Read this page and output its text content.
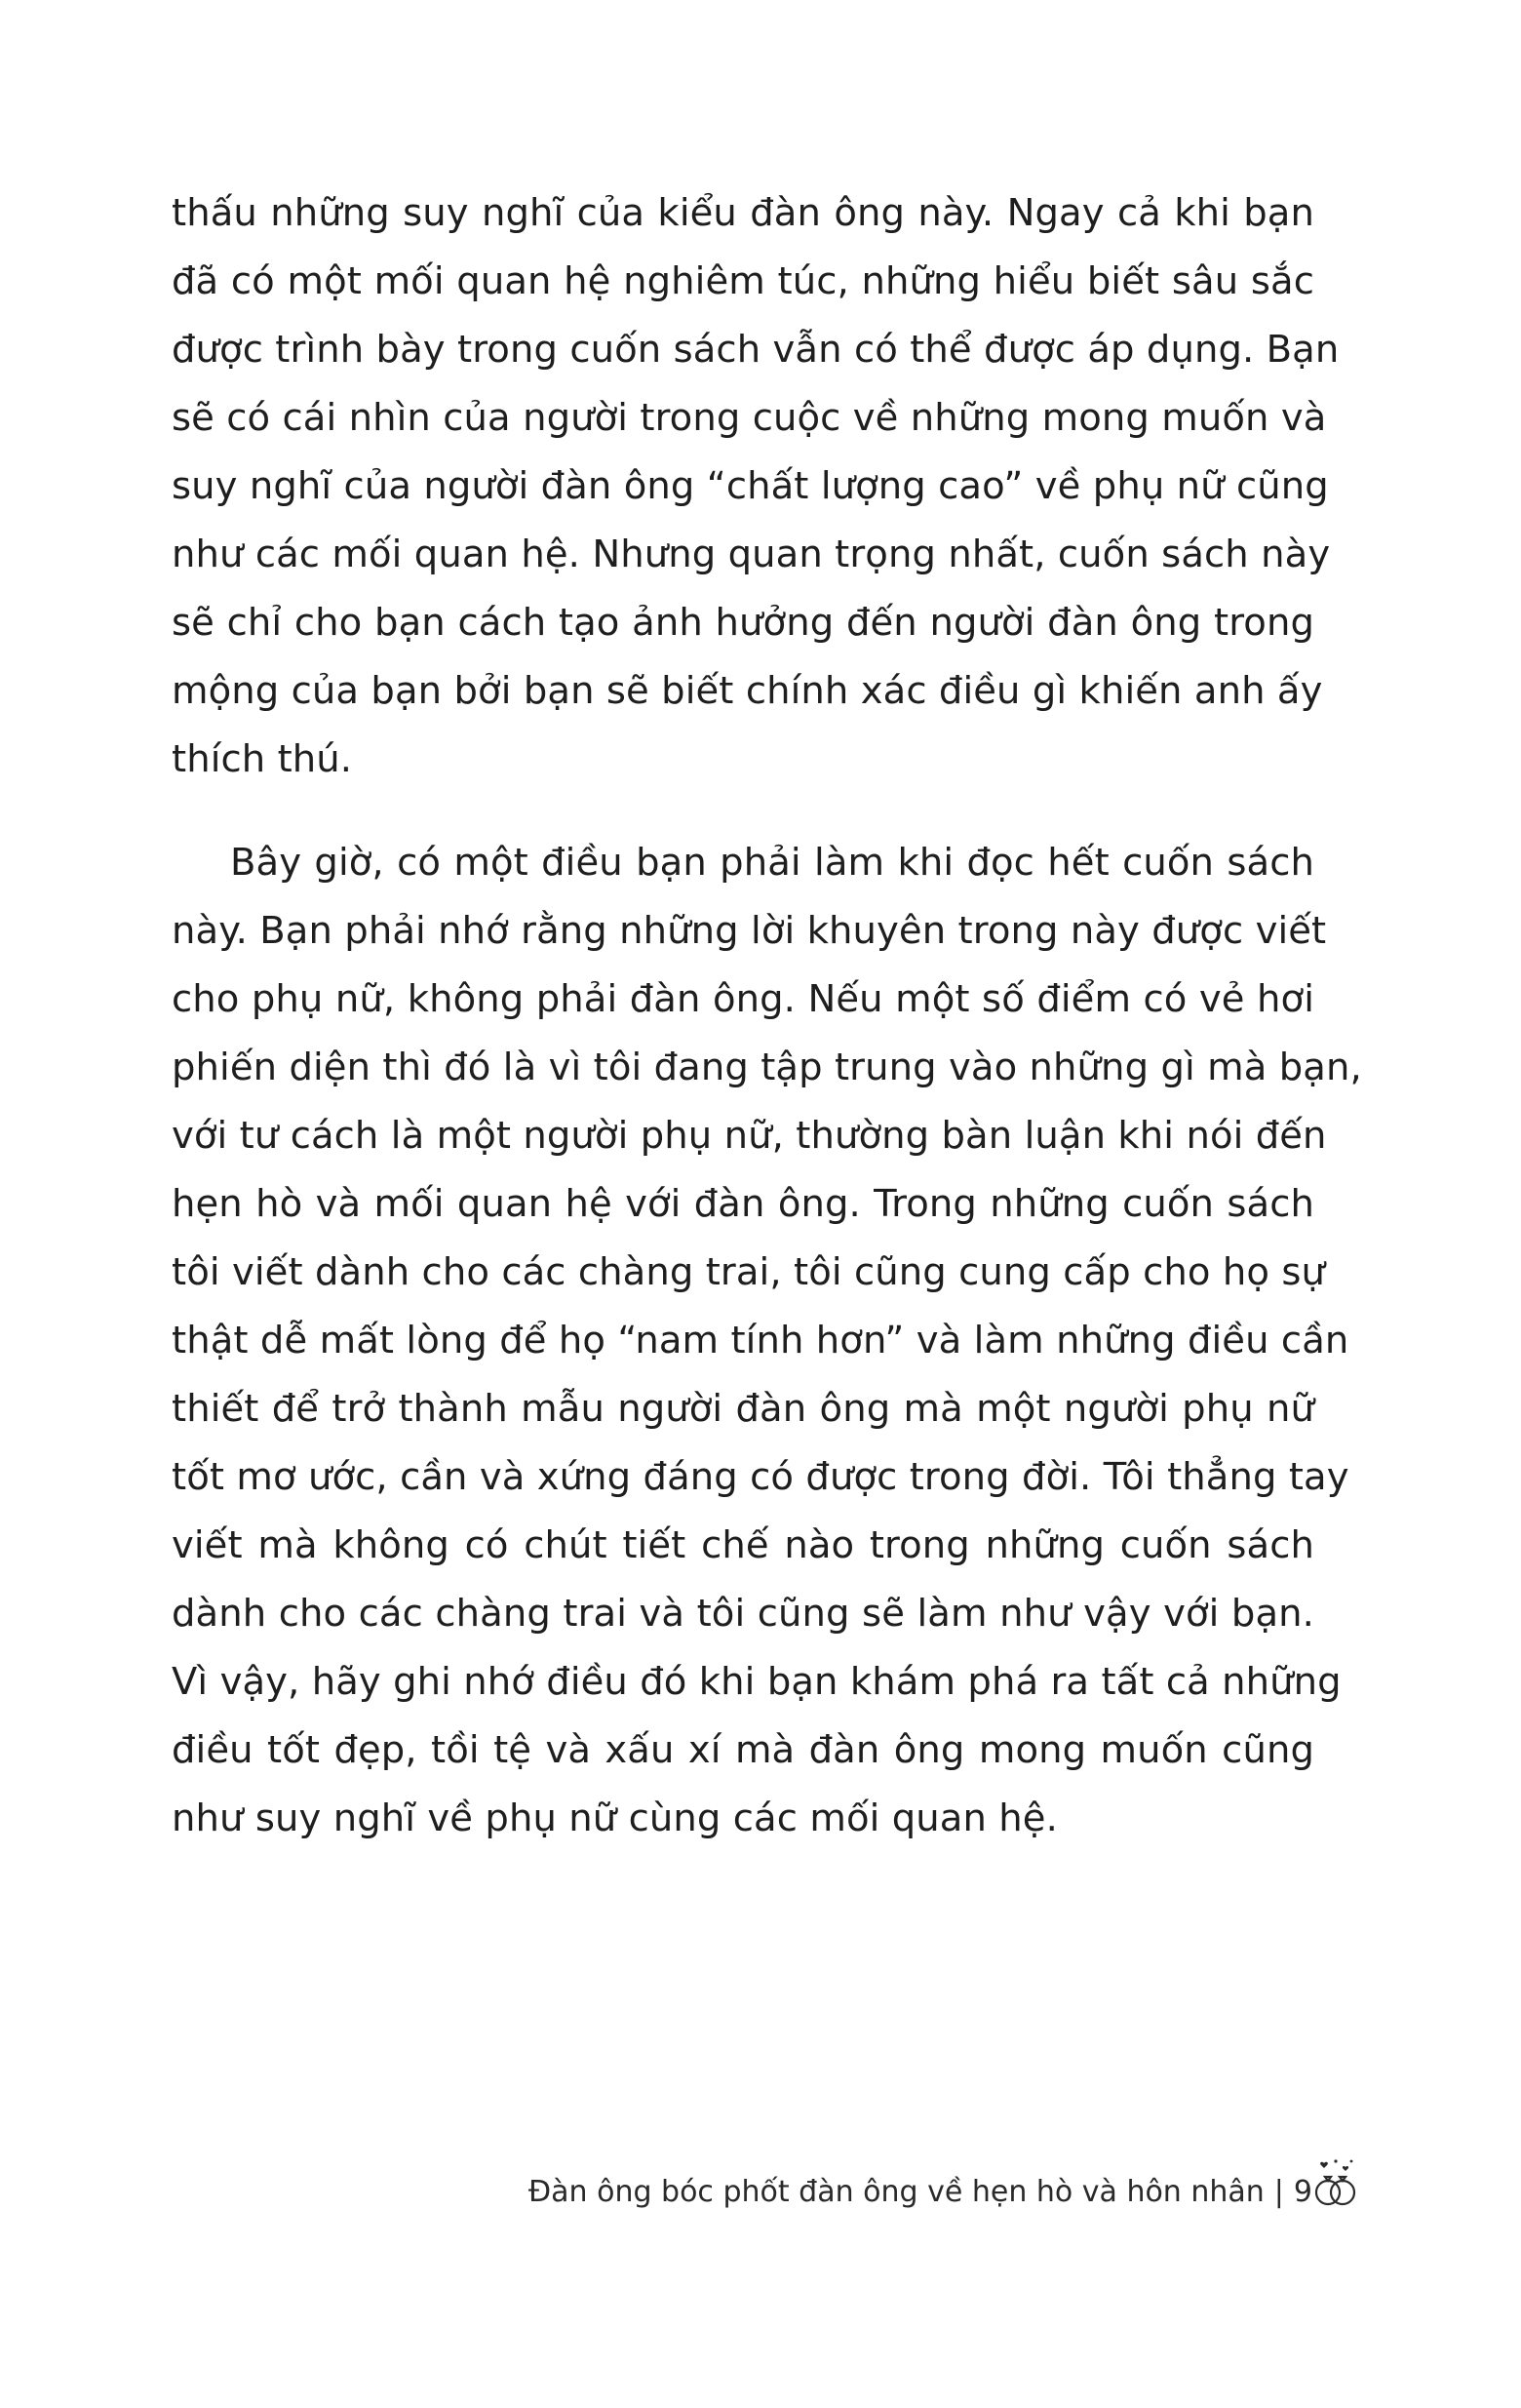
thấu những suy nghĩ của kiểu đàn ông này. Ngay cả khi bạn
đã có một mối quan hệ nghiêm túc, những hiểu biết sâu sắc
được trình bày trong cuốn sách vẫn có thể được áp dụng. Bạn
sẽ có cái nhìn của người trong cuộc về những mong muốn và
suy nghĩ của người đàn ông “chất lượng cao” về phụ nữ cũng
như các mối quan hệ. Nhưng quan trọng nhất, cuốn sách này
sẽ chỉ cho bạn cách tạo ảnh hưởng đến người đàn ông trong
mộng của bạn bởi bạn sẽ biết chính xác điều gì khiến anh ấy
thích thú.
Bây giờ, có một điều bạn phải làm khi đọc hết cuốn sách
này. Bạn phải nhớ rằng những lời khuyên trong này được viết
cho phụ nữ, không phải đàn ông. Nếu một số điểm có vẻ hơi
phiến diện thì đó là vì tôi đang tập trung vào những gì mà bạn,
với tư cách là một người phụ nữ, thường bàn luận khi nói đến
hẹn hò và mối quan hệ với đàn ông. Trong những cuốn sách
tôi viết dành cho các chàng trai, tôi cũng cung cấp cho họ sự
thật dễ mất lòng để họ “nam tính hơn” và làm những điều cần
thiết để trở thành mẫu người đàn ông mà một người phụ nữ
tốt mơ ước, cần và xứng đáng có được trong đời. Tôi thẳng tay
viết mà không có chút tiết chế nào trong những cuốn sách
dành cho các chàng trai và tôi cũng sẽ làm như vậy với bạn.
Vì vậy, hãy ghi nhớ điều đó khi bạn khám phá ra tất cả những
điều tốt đẹp, tồi tệ và xấu xí mà đàn ông mong muốn cũng
như suy nghĩ về phụ nữ cùng các mối quan hệ.
Đàn ông bóc phốt đàn ông về hẹn hò và hôn nhân | 9
